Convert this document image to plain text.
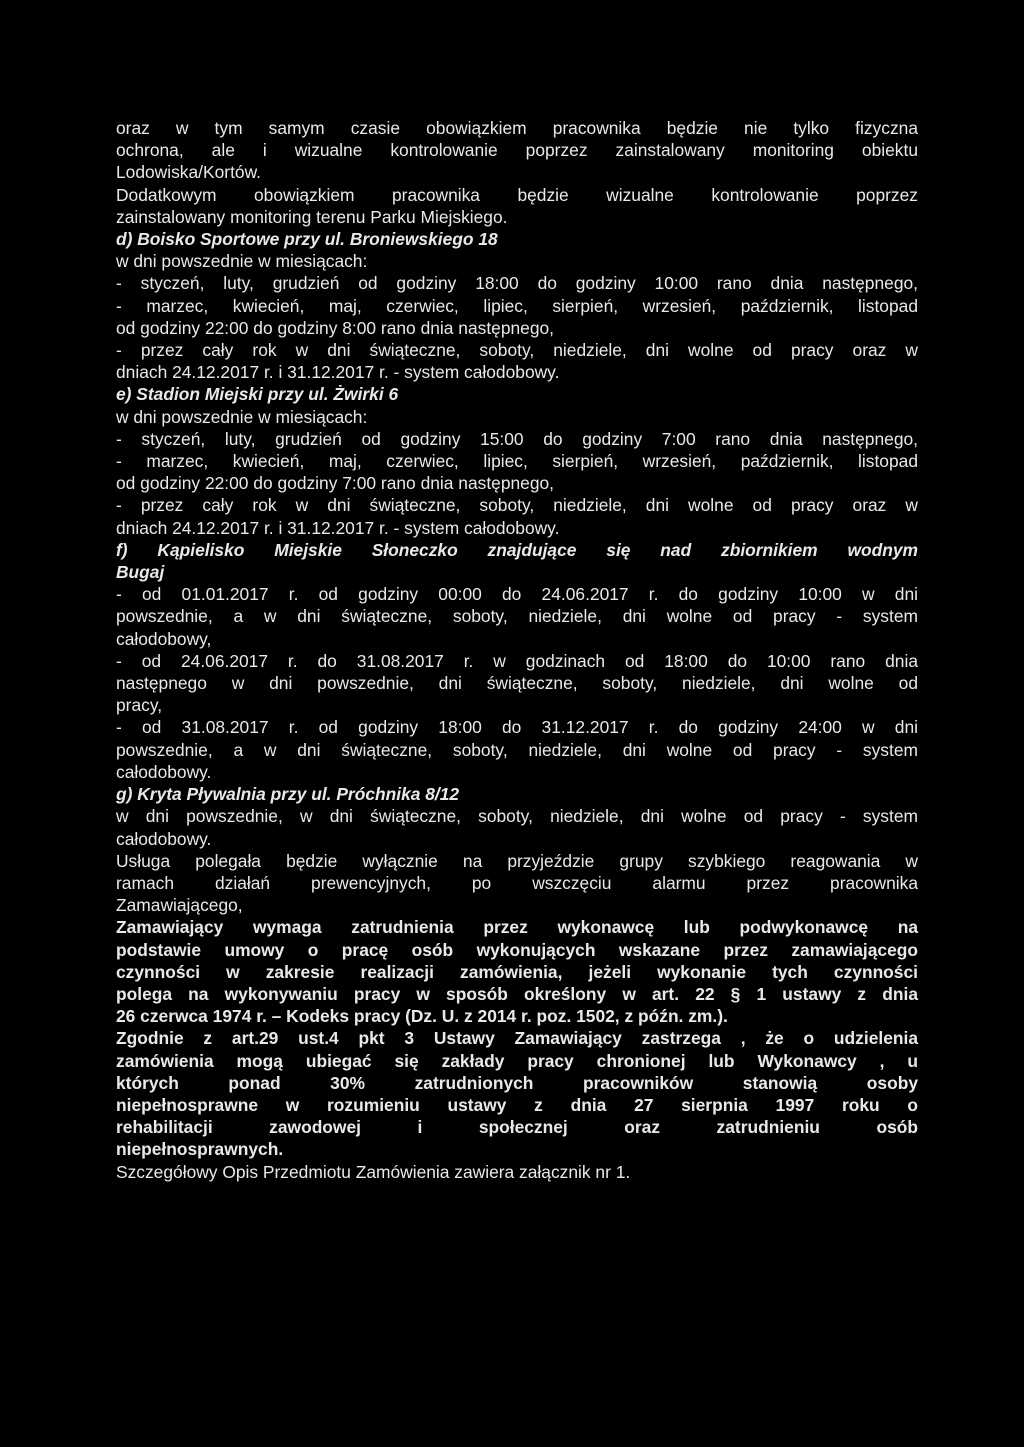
oraz w tym samym czasie obowiązkiem pracownika będzie nie tylko fizyczna
ochrona, ale i wizualne kontrolowanie poprzez zainstalowany monitoring obiektu
Lodowiska/Kortów.
Dodatkowym obowiązkiem pracownika będzie wizualne kontrolowanie poprzez
zainstalowany monitoring terenu Parku Miejskiego.

d) Boisko Sportowe przy ul. Broniewskiego 18
w dni powszednie w miesiącach:
- styczeń, luty, grudzień od godziny 18:00 do godziny 10:00 rano dnia następnego,
- marzec, kwiecień, maj, czerwiec, lipiec, sierpień, wrzesień, październik, listopad
od godziny 22:00 do godziny 8:00 rano dnia następnego,
- przez cały rok w dni świąteczne, soboty, niedziele, dni wolne od pracy oraz w
dniach 24.12.2017 r. i 31.12.2017 r. - system całodobowy.

e) Stadion Miejski przy ul. Żwirki 6
w dni powszednie w miesiącach:
- styczeń, luty, grudzień od godziny 15:00 do godziny 7:00 rano dnia następnego,
- marzec, kwiecień, maj, czerwiec, lipiec, sierpień, wrzesień, październik, listopad
od godziny 22:00 do godziny 7:00 rano dnia następnego,
- przez cały rok w dni świąteczne, soboty, niedziele, dni wolne od pracy oraz w
dniach 24.12.2017 r. i 31.12.2017 r. - system całodobowy.

f) Kąpielisko Miejskie Słoneczko znajdujące się nad zbiornikiem wodnym
Bugaj
- od 01.01.2017 r. od godziny 00:00 do 24.06.2017 r. do godziny 10:00 w dni
powszednie, a w dni świąteczne, soboty, niedziele, dni wolne od pracy - system
całodobowy,
- od 24.06.2017 r. do 31.08.2017 r. w godzinach od 18:00 do 10:00 rano dnia
następnego w dni powszednie, dni świąteczne, soboty, niedziele, dni wolne od
pracy,
- od 31.08.2017 r. od godziny 18:00 do 31.12.2017 r. do godziny 24:00 w dni
powszednie, a w dni świąteczne, soboty, niedziele, dni wolne od pracy - system
całodobowy.

g) Kryta Pływalnia przy ul. Próchnika 8/12
w dni powszednie, w dni świąteczne, soboty, niedziele, dni wolne od pracy - system
całodobowy.

Usługa polegała będzie wyłącznie na przyjeździe grupy szybkiego reagowania w
ramach działań prewencyjnych, po wszczęciu alarmu przez pracownika
Zamawiającego,

Zamawiający wymaga zatrudnienia przez wykonawcę lub podwykonawcę na
podstawie umowy o pracę osób wykonujących wskazane przez zamawiającego
czynności w zakresie realizacji zamówienia, jeżeli wykonanie tych czynności
polega na wykonywaniu pracy w sposób określony w art. 22 § 1 ustawy z dnia
26 czerwca 1974 r. – Kodeks pracy (Dz. U. z 2014 r. poz. 1502, z późn. zm.).

Zgodnie z art.29 ust.4 pkt 3 Ustawy Zamawiający zastrzega , że o udzielenia
zamówienia mogą ubiegać się zakłady pracy chronionej lub Wykonawcy , u
których ponad 30% zatrudnionych pracowników stanowią osoby
niepełnosprawne w rozumieniu ustawy z dnia 27 sierpnia 1997 roku o
rehabilitacji zawodowej i społecznej oraz zatrudnieniu osób
niepełnosprawnych.

Szczegółowy Opis Przedmiotu Zamówienia zawiera załącznik nr 1.
